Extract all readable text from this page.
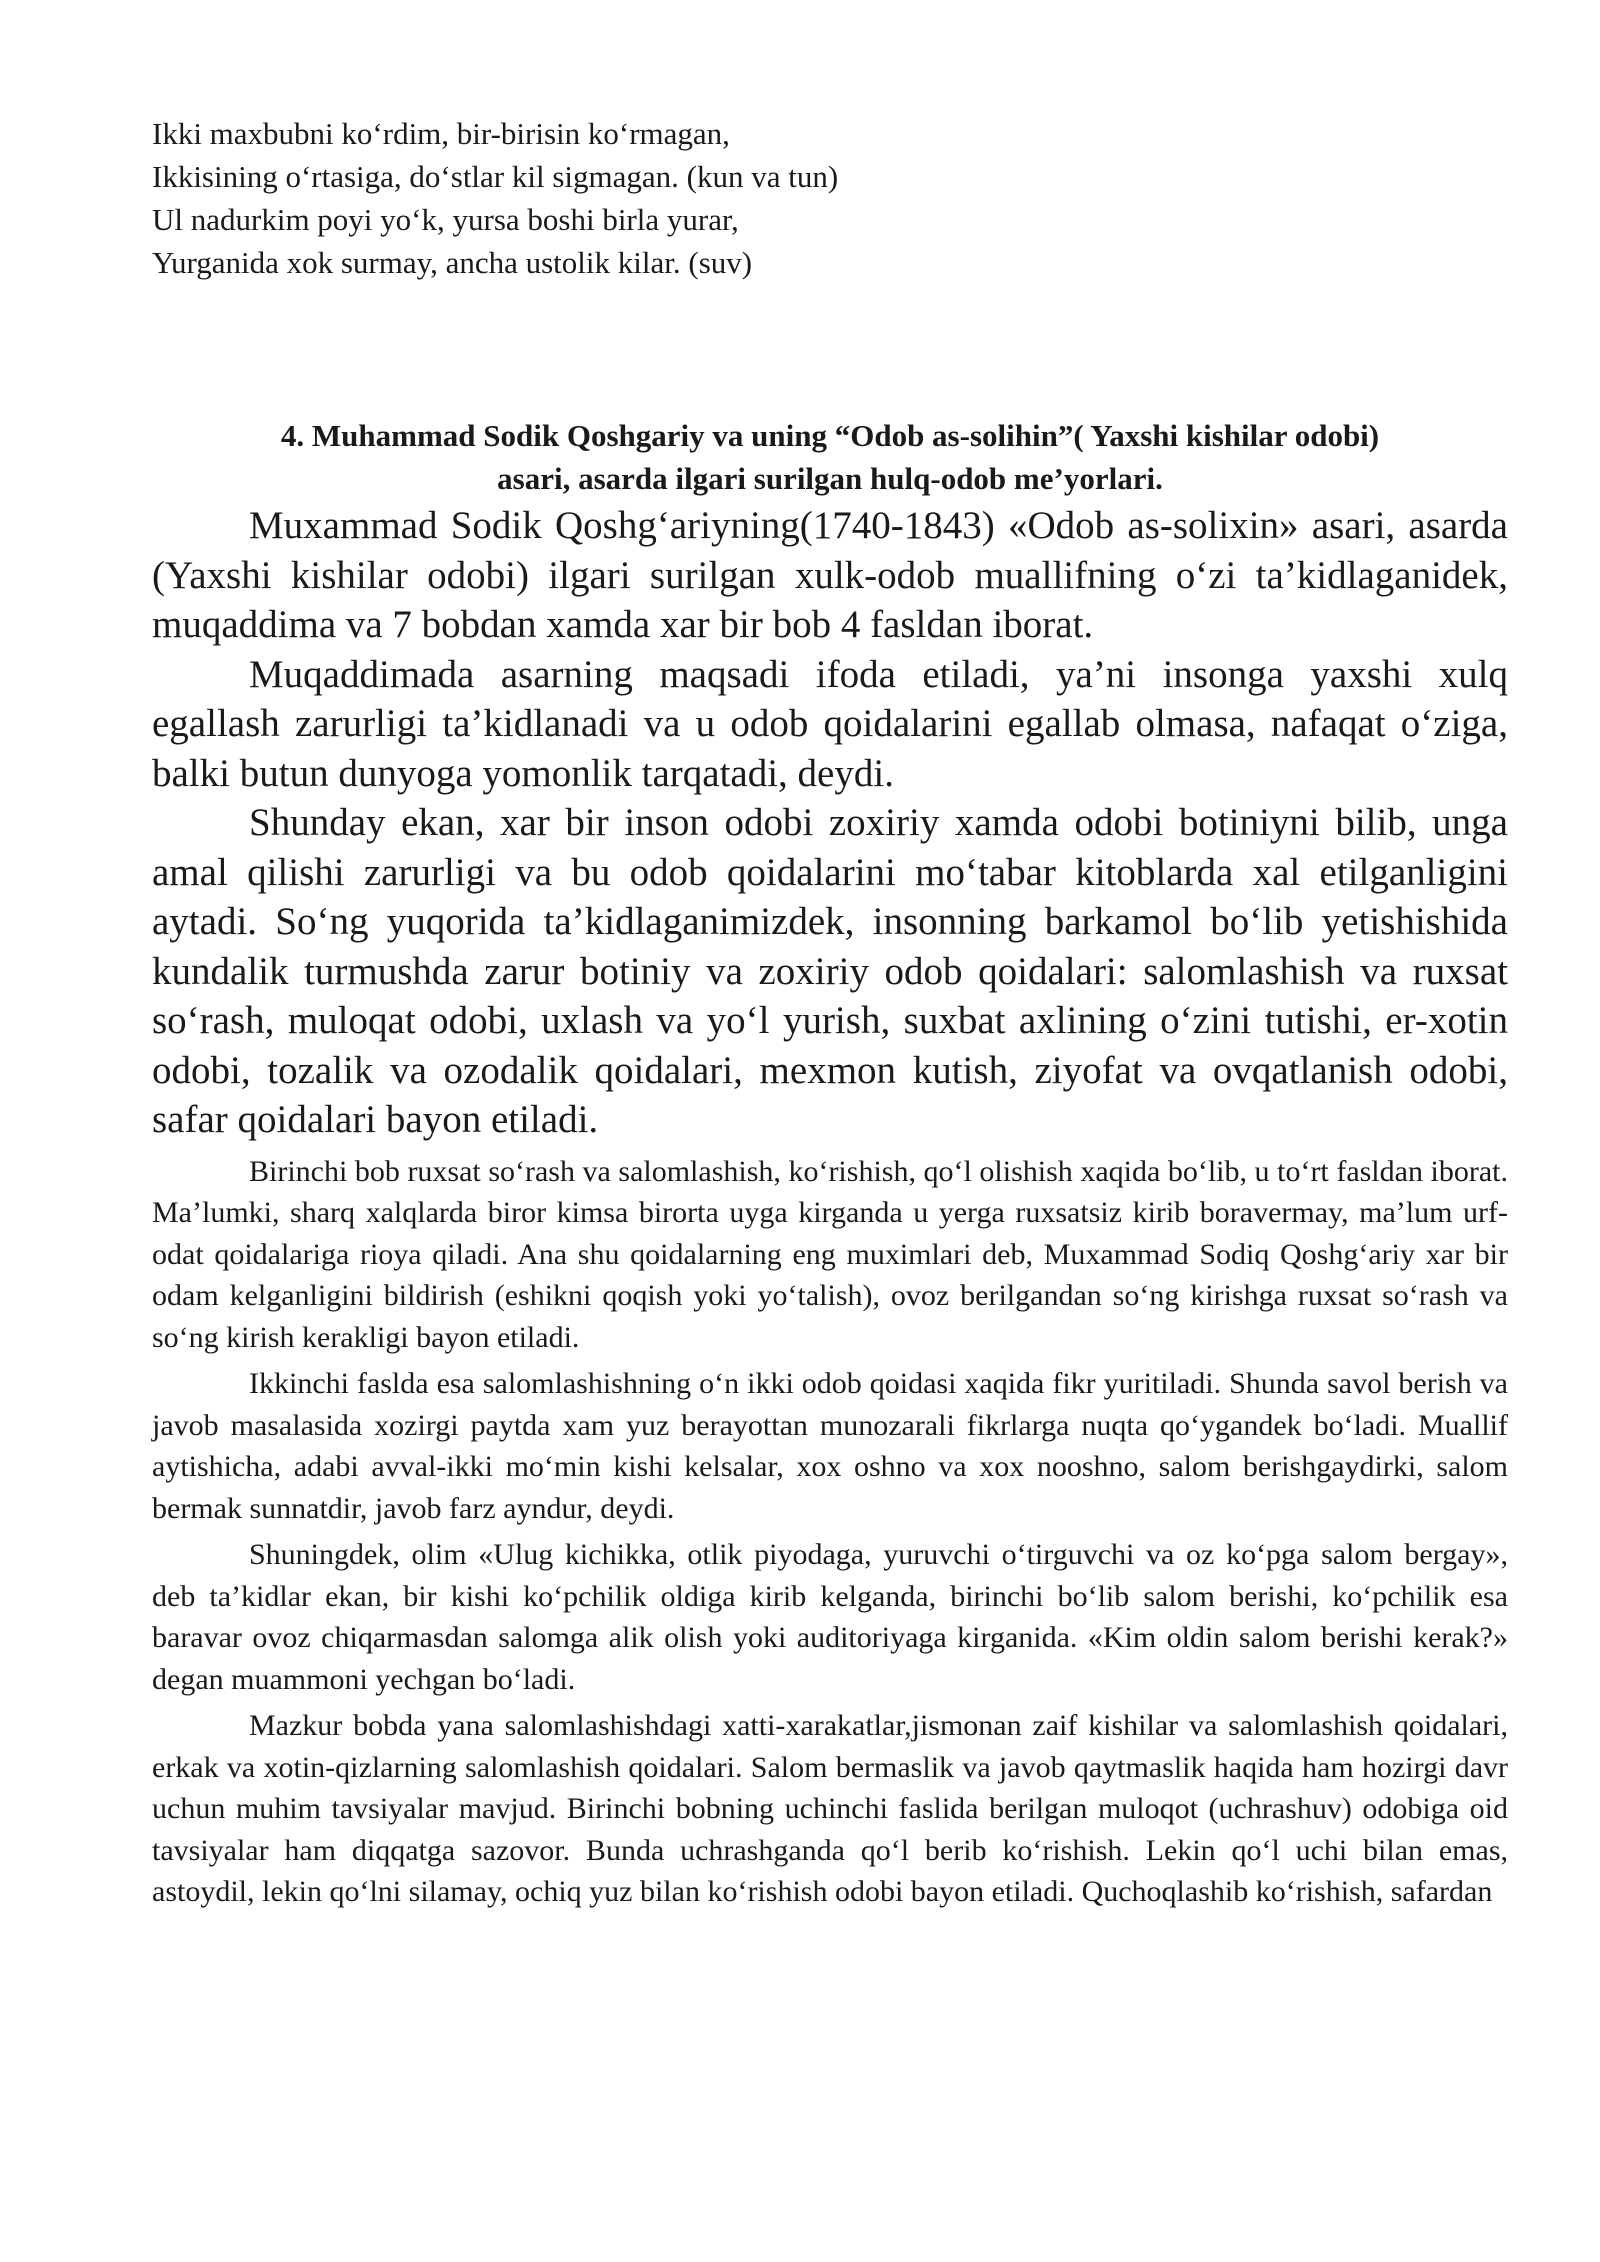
Ikki maxbubni ko‘rdim, bir-birisin ko‘rmagan,

Ikkisining o‘rtasiga, do‘stlar kil sigmagan. (kun va tun)

Ul nadurkim poyi yo‘k, yursa boshi birla yurar,

Yurganida xok surmay, ancha ustolik kilar. (suv)

4. Muhammad Sodik Qoshgariy va uning “Odob as-solihin”( Yaxshi kishilar odobi)

asari, asarda ilgari surilgan hulq-odob me’yorlari.

Muxammad Sodik Qoshg‘ariyning(1740-1843) «Odob as-solixin» asari, asarda (Yaxshi kishilar odobi) ilgari surilgan xulk-odob muallifning o‘zi ta’kidlaganidek, muqaddima va 7 bobdan xamda xar bir bob 4 fasldan iborat.

Muqaddimada asarning maqsadi ifoda etiladi, ya’ni insonga yaxshi xulq egallash zarurligi ta’kidlanadi va u odob qoidalarini egallab olmasa, nafaqat o‘ziga, balki butun dunyoga yomonlik tarqatadi, deydi.

Shunday ekan, xar bir inson odobi zoxiriy xamda odobi botiniyni bilib, unga amal qilishi zarurligi va bu odob qoidalarini mo‘tabar kitoblarda xal etilganligini aytadi. So‘ng yuqorida ta’kidlaganimizdek, insonning barkamol bo‘lib yetishishida kundalik turmushda zarur botiniy va zoxiriy odob qoidalari: salomlashish va ruxsat so‘rash, muloqat odobi, uxlash va yo‘l yurish, suxbat axlining o‘zini tutishi, er-xotin odobi, tozalik va ozodalik qoidalari, mexmon kutish, ziyofat va ovqatlanish odobi, safar qoidalari bayon etiladi.

Birinchi bob ruxsat so‘rash va salomlashish, ko‘rishish, qo‘l olishish xaqida bo‘lib, u to‘rt fasldan iborat. Ma’lumki, sharq xalqlarda biror kimsa birorta uyga kirganda u yerga ruxsatsiz kirib boravermay, ma’lum urf-odat qoidalariga rioya qiladi. Ana shu qoidalarning eng muximlari deb, Muxammad Sodiq Qoshg‘ariy xar bir odam kelganligini bildirish (eshikni qoqish yoki yo‘talish), ovoz berilgandan so‘ng kirishga ruxsat so‘rash va so‘ng kirish kerakligi bayon etiladi.

Ikkinchi faslda esa salomlashishning o‘n ikki odob qoidasi xaqida fikr yuritiladi. Shunda savol berish va javob masalasida xozirgi paytda xam yuz berayottan munozarali fikrlarga nuqta qo‘ygandek bo‘ladi. Muallif aytishicha, adabi avval-ikki mo‘min kishi kelsalar, xox oshno va xox nooshno, salom berishgaydirki, salom bermak sunnatdir, javob farz ayndur, deydi.

Shuningdek, olim «Ulug kichikka, otlik piyodaga, yuruvchi o‘tirguvchi va oz ko‘pga salom bergay», deb ta’kidlar ekan, bir kishi ko‘pchilik oldiga kirib kelganda, birinchi bo‘lib salom berishi, ko‘pchilik esa baravar ovoz chiqarmasdan salomga alik olish yoki auditoriyaga kirganida. «Kim oldin salom berishi kerak?» degan muammoni yechgan bo‘ladi.

Mazkur bobda yana salomlashishdagi xatti-xarakatlar,jismonan zaif kishilar va salomlashish qoidalari, erkak va xotin-qizlarning salomlashish qoidalari. Salom bermaslik va javob qaytmaslik haqida ham hozirgi davr uchun muhim tavsiyalar mavjud. Birinchi bobning uchinchi faslida berilgan muloqot (uchrashuv) odobiga oid tavsiyalar ham diqqatga sazovor. Bunda uchrashganda qo‘l berib ko‘rishish. Lekin qo‘l uchi bilan emas, astoydil, lekin qo‘lni silamay, ochiq yuz bilan ko‘rishish odobi bayon etiladi. Quchoqlashib ko‘rishish, safardan
